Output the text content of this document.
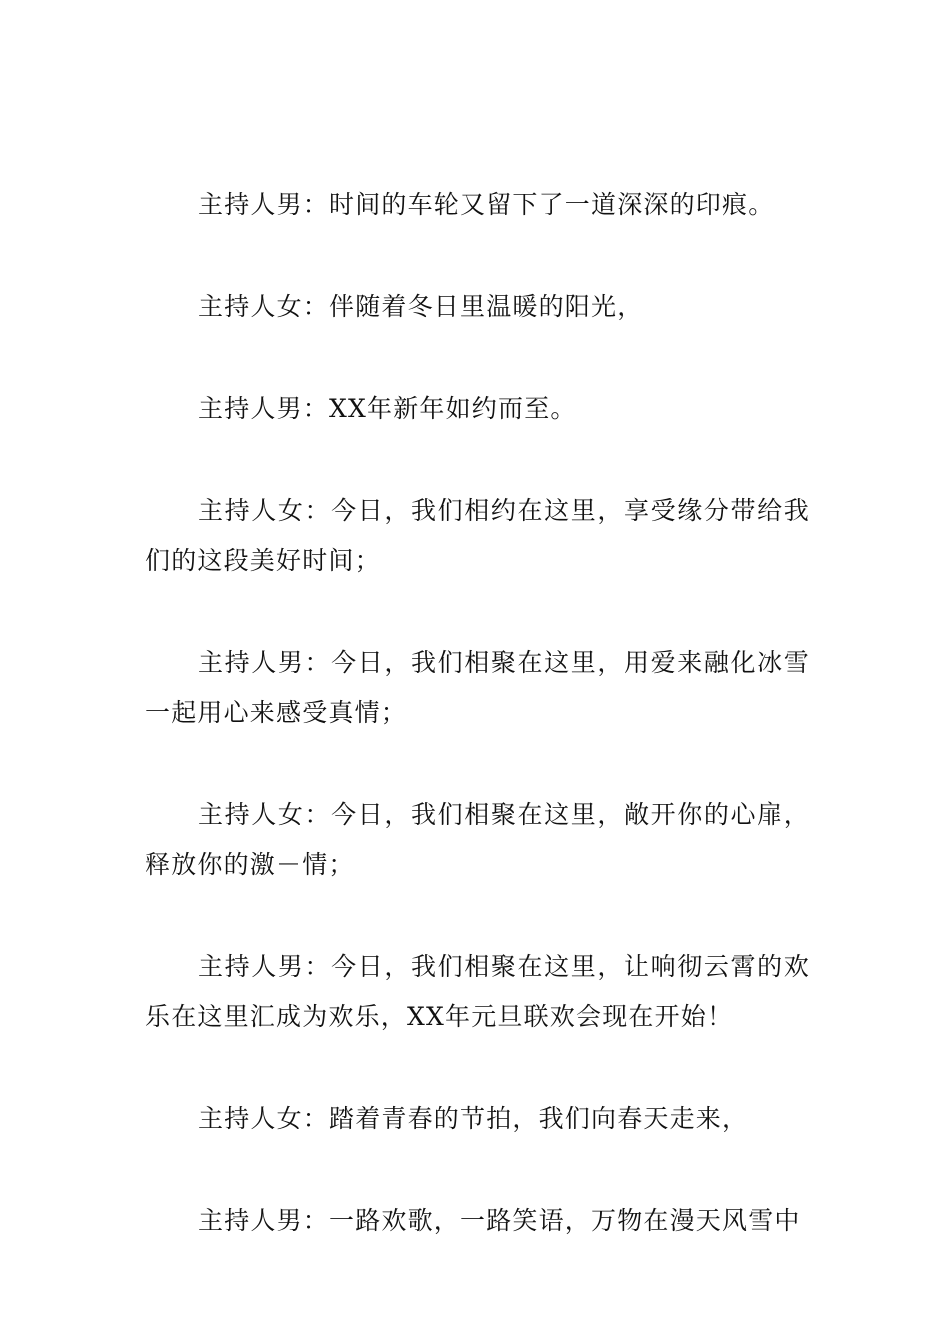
主持人男：时间的车轮又留下了一道深深的印痕。

主持人女：伴随着冬日里温暖的阳光，

主持人男：XX年新年如约而至。

主持人女：今日，我们相约在这里，享受缘分带给我们的这段美好时间；

主持人男：今日，我们相聚在这里，用爱来融化冰雪一起用心来感受真情；

主持人女：今日，我们相聚在这里，敞开你的心扉，释放你的激－情；

主持人男：今日，我们相聚在这里，让响彻云霄的欢乐在这里汇成为欢乐，XX年元旦联欢会现在开始！

主持人女：踏着青春的节拍，我们向春天走来，

主持人男：一路欢歌，一路笑语，万物在漫天风雪中
